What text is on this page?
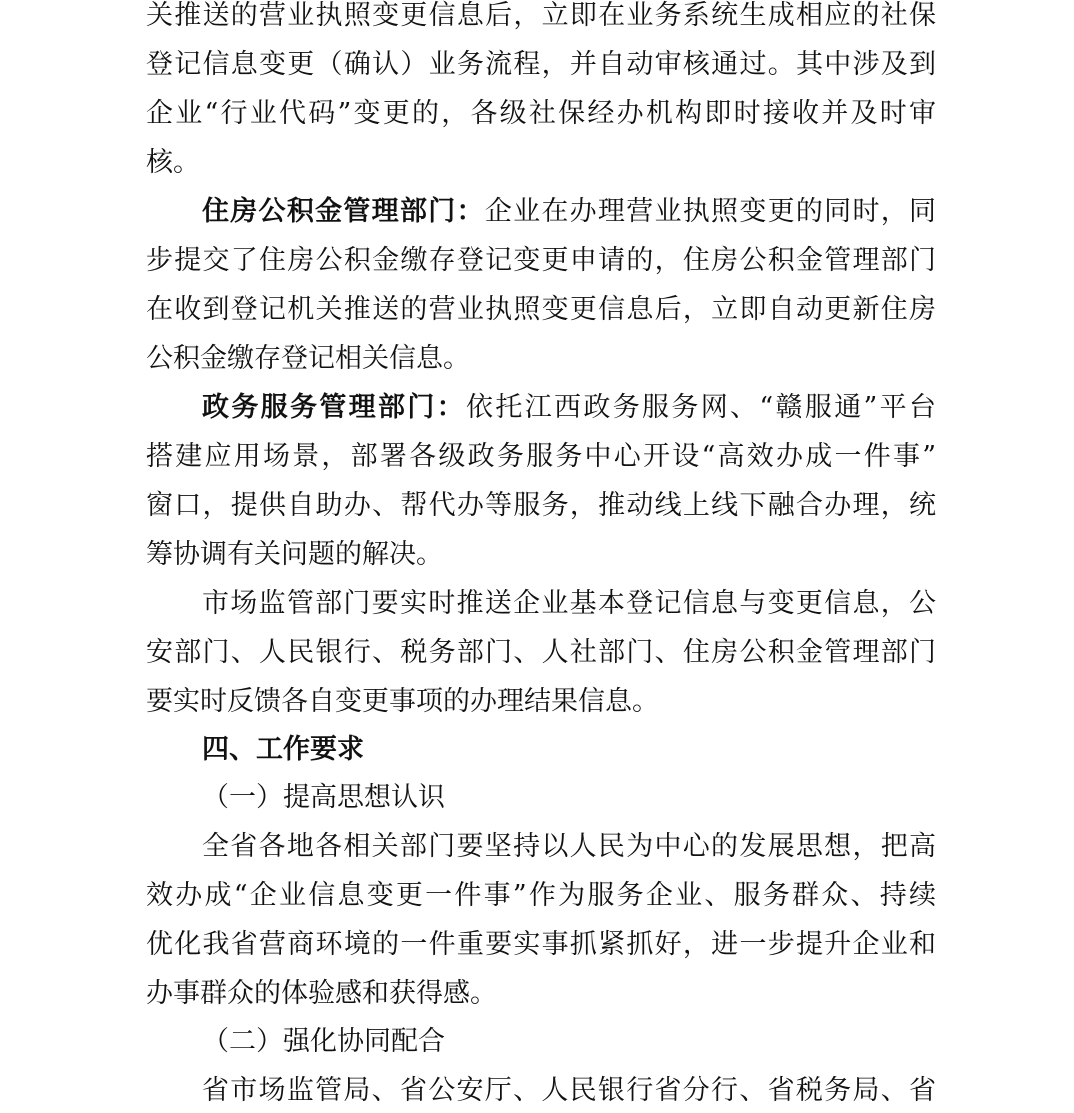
关推送的营业执照变更信息后，立即在业务系统生成相应的社保
登记信息变更（确认）业务流程，并自动审核通过。其中涉及到
企业“行业代码”变更的，各级社保经办机构即时接收并及时审
核。
住房公积金管理部门：企业在办理营业执照变更的同时，同
步提交了住房公积金缴存登记变更申请的，住房公积金管理部门
在收到登记机关推送的营业执照变更信息后，立即自动更新住房
公积金缴存登记相关信息。
政务服务管理部门：依托江西政务服务网、“赣服通”平台
搭建应用场景，部署各级政务服务中心开设“高效办成一件事”
窗口，提供自助办、帮代办等服务，推动线上线下融合办理，统
筹协调有关问题的解决。
市场监管部门要实时推送企业基本登记信息与变更信息，公
安部门、人民银行、税务部门、人社部门、住房公积金管理部门
要实时反馈各自变更事项的办理结果信息。
四、工作要求
（一）提高思想认识
全省各地各相关部门要坚持以人民为中心的发展思想，把高
效办成“企业信息变更一件事”作为服务企业、服务群众、持续
优化我省营商环境的一件重要实事抓紧抓好，进一步提升企业和
办事群众的体验感和获得感。
（二）强化协同配合
省市场监管局、省公安厅、人民银行省分行、省税务局、省
